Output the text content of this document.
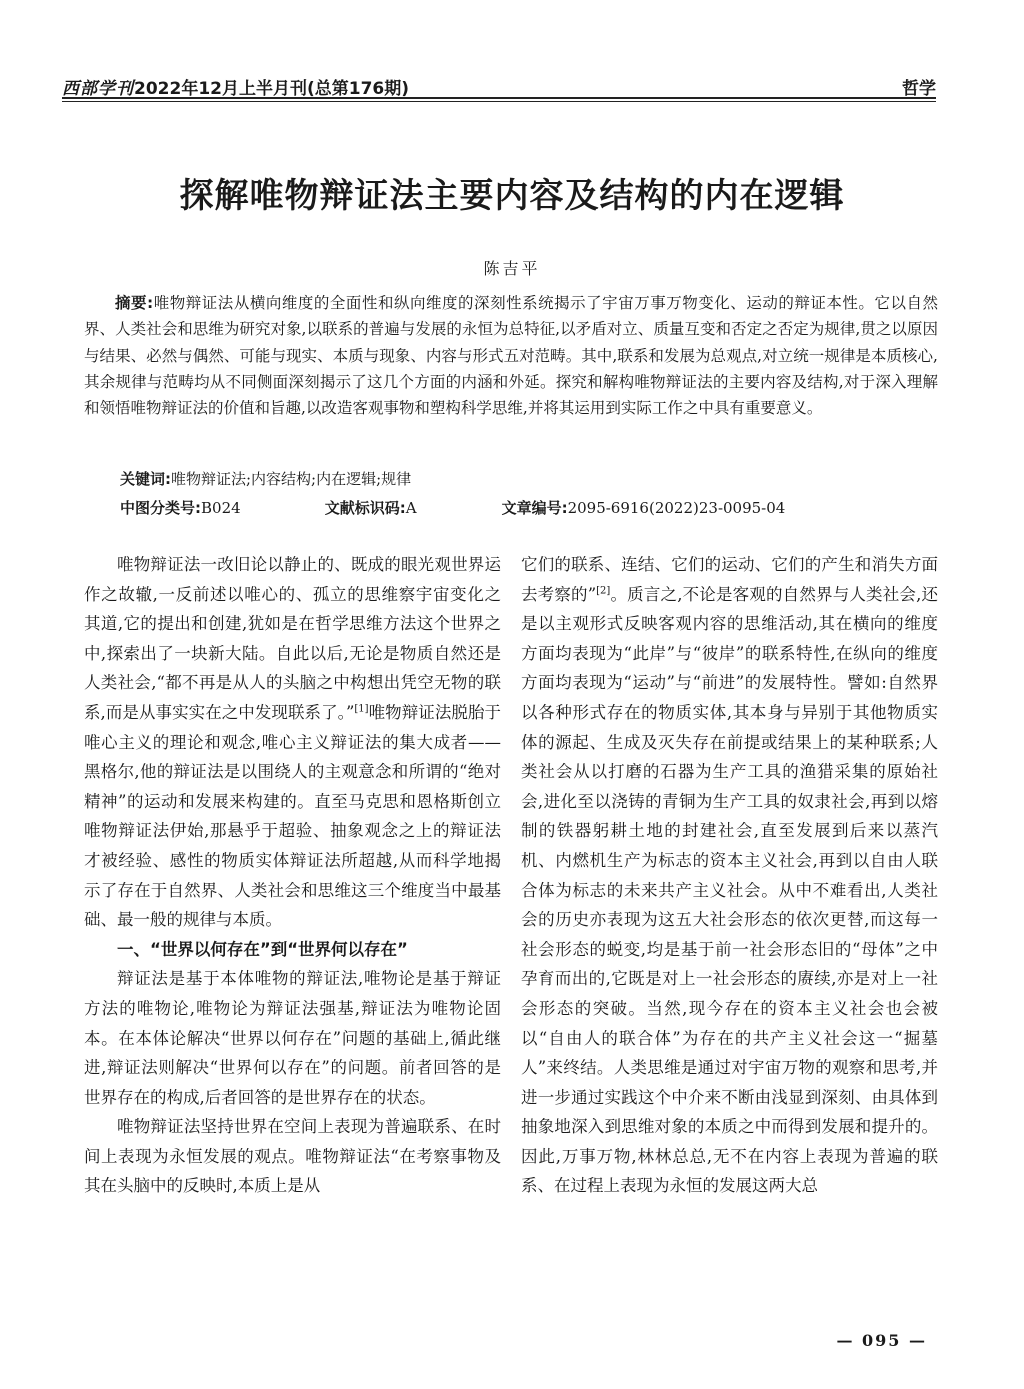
西部学刊2022年12月上半月刊(总第176期)	哲学
探解唯物辩证法主要内容及结构的内在逻辑
陈吉平
摘要:唯物辩证法从横向维度的全面性和纵向维度的深刻性系统揭示了宇宙万事万物变化、运动的辩证本性。它以自然界、人类社会和思维为研究对象,以联系的普遍与发展的永恒为总特征,以矛盾对立、质量互变和否定之否定为规律,贯之以原因与结果、必然与偶然、可能与现实、本质与现象、内容与形式五对范畴。其中,联系和发展为总观点,对立统一规律是本质核心,其余规律与范畴均从不同侧面深刻揭示了这几个方面的内涵和外延。探究和解构唯物辩证法的主要内容及结构,对于深入理解和领悟唯物辩证法的价值和旨趣,以改造客观事物和塑构科学思维,并将其运用到实际工作之中具有重要意义。
关键词:唯物辩证法;内容结构;内在逻辑;规律
中图分类号:B024	文献标识码:A	文章编号:2095-6916(2022)23-0095-04

唯物辩证法一改旧论以静止的、既成的眼光观世界运作之故辙,一反前述以唯心的、孤立的思维察宇宙变化之其道,它的提出和创建,犹如是在哲学思维方法这个世界之中,探索出了一块新大陆。自此以后,无论是物质自然还是人类社会,“都不再是从人的头脑之中构想出凭空无物的联系,而是从事实实在之中发现联系了。”[1]唯物辩证法脱胎于唯心主义的理论和观念,唯心主义辩证法的集大成者——黑格尔,他的辩证法是以围绕人的主观意念和所谓的“绝对精神”的运动和发展来构建的。直至马克思和恩格斯创立唯物辩证法伊始,那悬乎于超验、抽象观念之上的辩证法才被经验、感性的物质实体辩证法所超越,从而科学地揭示了存在于自然界、人类社会和思维这三个维度当中最基础、最一般的规律与本质。

一、“世界以何存在”到“世界何以存在”

辩证法是基于本体唯物的辩证法,唯物论是基于辩证方法的唯物论,唯物论为辩证法强基,辩证法为唯物论固本。在本体论解决“世界以何存在”问题的基础上,循此继进,辩证法则解决“世界何以存在”的问题。前者回答的是世界存在的构成,后者回答的是世界存在的状态。

唯物辩证法坚持世界在空间上表现为普遍联系、在时间上表现为永恒发展的观点。唯物辩证法“在考察事物及其在头脑中的反映时,本质上是从

它们的联系、连结、它们的运动、它们的产生和消失方面去考察的”[2]。质言之,不论是客观的自然界与人类社会,还是以主观形式反映客观内容的思维活动,其在横向的维度方面均表现为“此岸”与“彼岸”的联系特性,在纵向的维度方面均表现为“运动”与“前进”的发展特性。譬如:自然界以各种形式存在的物质实体,其本身与异别于其他物质实体的源起、生成及灭失存在前提或结果上的某种联系;人类社会从以打磨的石器为生产工具的渔猎采集的原始社会,进化至以浇铸的青铜为生产工具的奴隶社会,再到以熔制的铁器躬耕土地的封建社会,直至发展到后来以蒸汽机、内燃机生产为标志的资本主义社会,再到以自由人联合体为标志的未来共产主义社会。从中不难看出,人类社会的历史亦表现为这五大社会形态的依次更替,而这每一社会形态的蜕变,均是基于前一社会形态旧的“母体”之中孕育而出的,它既是对上一社会形态的赓续,亦是对上一社会形态的突破。当然,现今存在的资本主义社会也会被以“自由人的联合体”为存在的共产主义社会这一“掘墓人”来终结。人类思维是通过对宇宙万物的观察和思考,并进一步通过实践这个中介来不断由浅显到深刻、由具体到抽象地深入到思维对象的本质之中而得到发展和提升的。因此,万事万物,林林总总,无不在内容上表现为普遍的联系、在过程上表现为永恒的发展这两大总

— 095 —
